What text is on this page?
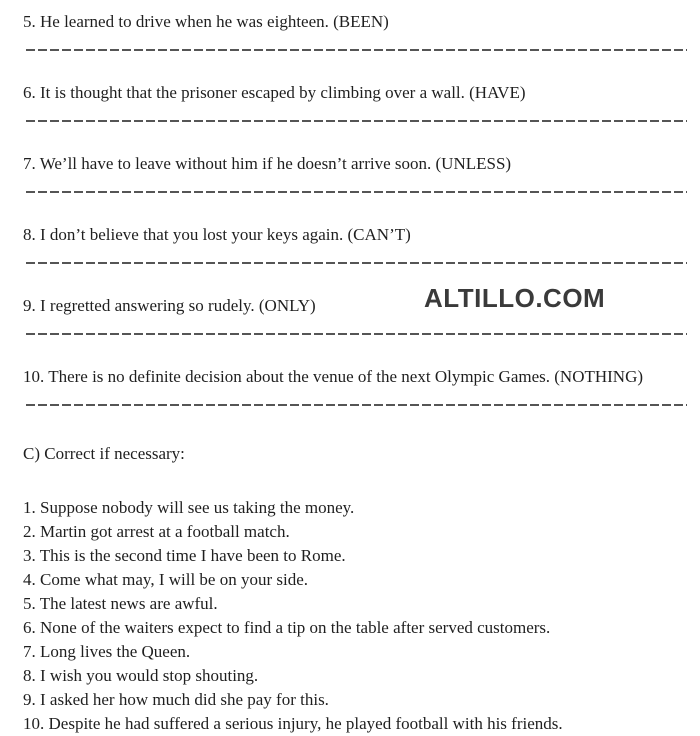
5. He learned to drive when he was eighteen. (BEEN)
6. It is thought that the prisoner escaped by climbing over a wall. (HAVE)
7. We’ll have to leave without him if he doesn’t arrive soon. (UNLESS)
8. I don’t believe that you lost your keys again. (CAN’T)
9. I regretted answering so rudely. (ONLY)
10. There is no definite decision about the venue of the next Olympic Games. (NOTHING)
C) Correct if necessary:
1. Suppose nobody will see us taking the money.
2. Martin got arrest at a football match.
3. This is the second time I have been to Rome.
4. Come what may, I will be on your side.
5. The latest news are awful.
6. None of the waiters expect to find a tip on the table after served customers.
7. Long lives the Queen.
8. I wish you would stop shouting.
9. I asked her how much did she pay for this.
10. Despite he had suffered a serious injury, he played football with his friends.
ALTILLO.COM
